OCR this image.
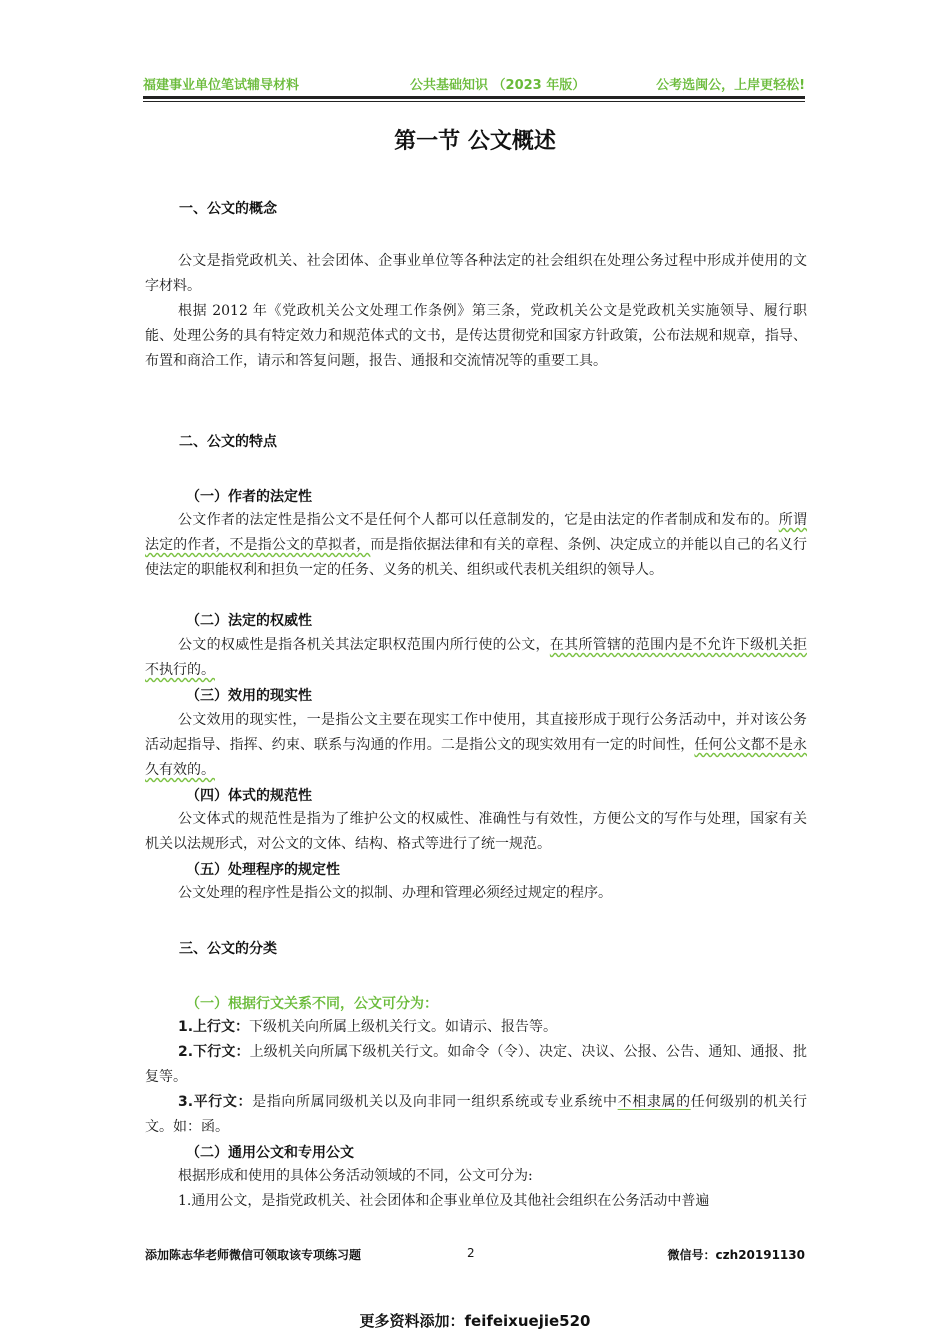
福建事业单位笔试辅导材料	公共基础知识 （2023 年版）	公考选闽公，上岸更轻松!
第一节 公文概述
一、公文的概念

公文是指党政机关、社会团体、企事业单位等各种法定的社会组织在处理公务过程中形成并使用的文字材料。

根据 2012 年《党政机关公文处理工作条例》第三条，党政机关公文是党政机关实施领导、履行职能、处理公务的具有特定效力和规范体式的文书，是传达贯彻党和国家方针政策，公布法规和规章，指导、布置和商洽工作，请示和答复问题，报告、通报和交流情况等的重要工具。

二、公文的特点
（一）作者的法定性

公文作者的法定性是指公文不是任何个人都可以任意制发的，它是由法定的作者制成和发布的。所谓法定的作者，不是指公文的草拟者，而是指依据法律和有关的章程、条例、决定成立的并能以自己的名义行使法定的职能权利和担负一定的任务、义务的机关、组织或代表机关组织的领导人。

（二）法定的权威性

公文的权威性是指各机关其法定职权范围内所行使的公文，在其所管辖的范围内是不允许下级机关拒不执行的。

（三）效用的现实性

公文效用的现实性，一是指公文主要在现实工作中使用，其直接形成于现行公务活动中，并对该公务活动起指导、指挥、约束、联系与沟通的作用。二是指公文的现实效用有一定的时间性，任何公文都不是永久有效的。

（四）体式的规范性

公文体式的规范性是指为了维护公文的权威性、准确性与有效性，方便公文的写作与处理，国家有关机关以法规形式，对公文的文体、结构、格式等进行了统一规范。

（五）处理程序的规定性

公文处理的程序性是指公文的拟制、办理和管理必须经过规定的程序。

三、公文的分类
（一）根据行文关系不同，公文可分为：

1.上行文：下级机关向所属上级机关行文。如请示、报告等。

2.下行文：上级机关向所属下级机关行文。如命令（令）、决定、决议、公报、公告、通知、通报、批复等。

3.平行文：是指向所属同级机关以及向非同一组织系统或专业系统中不相隶属的任何级别的机关行文。如：函。

（二）通用公文和专用公文

根据形成和使用的具体公务活动领域的不同，公文可分为:

1.通用公文，是指党政机关、社会团体和企事业单位及其他社会组织在公务活动中普遍

添加陈志华老师微信可领取该专项练习题	2	微信号：czh20191130
更多资料添加：feifeixuejie520
